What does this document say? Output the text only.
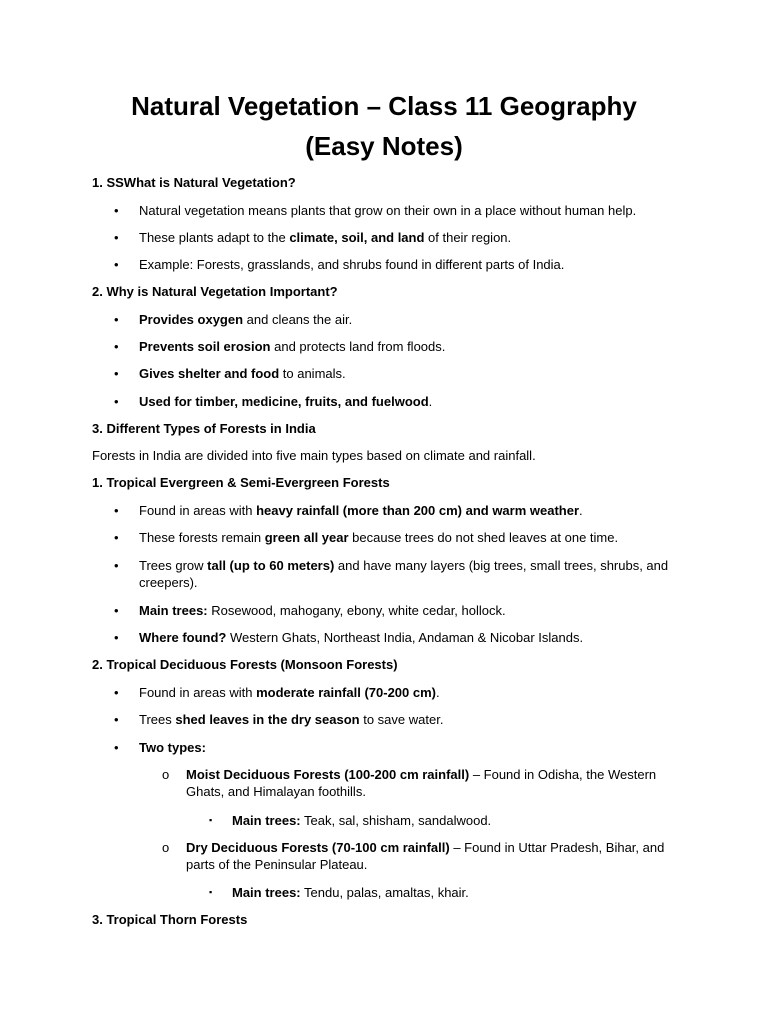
Natural Vegetation – Class 11 Geography
(Easy Notes)

1. SSWhat is Natural Vegetation?

• Natural vegetation means plants that grow on their own in a place without human help.

• These plants adapt to the climate, soil, and land of their region.

• Example: Forests, grasslands, and shrubs found in different parts of India.

2. Why is Natural Vegetation Important?

• Provides oxygen and cleans the air.

• Prevents soil erosion and protects land from floods.

• Gives shelter and food to animals.

• Used for timber, medicine, fruits, and fuelwood.

3. Different Types of Forests in India

Forests in India are divided into five main types based on climate and rainfall.

1. Tropical Evergreen & Semi-Evergreen Forests

• Found in areas with heavy rainfall (more than 200 cm) and warm weather.

• These forests remain green all year because trees do not shed leaves at one time.

• Trees grow tall (up to 60 meters) and have many layers (big trees, small trees, shrubs, and creepers).

• Main trees: Rosewood, mahogany, ebony, white cedar, hollock.

• Where found? Western Ghats, Northeast India, Andaman & Nicobar Islands.

2. Tropical Deciduous Forests (Monsoon Forests)

• Found in areas with moderate rainfall (70-200 cm).

• Trees shed leaves in the dry season to save water.

• Two types:

o Moist Deciduous Forests (100-200 cm rainfall) – Found in Odisha, the Western Ghats, and Himalayan foothills.

▪ Main trees: Teak, sal, shisham, sandalwood.

o Dry Deciduous Forests (70-100 cm rainfall) – Found in Uttar Pradesh, Bihar, and parts of the Peninsular Plateau.

▪ Main trees: Tendu, palas, amaltas, khair.

3. Tropical Thorn Forests
